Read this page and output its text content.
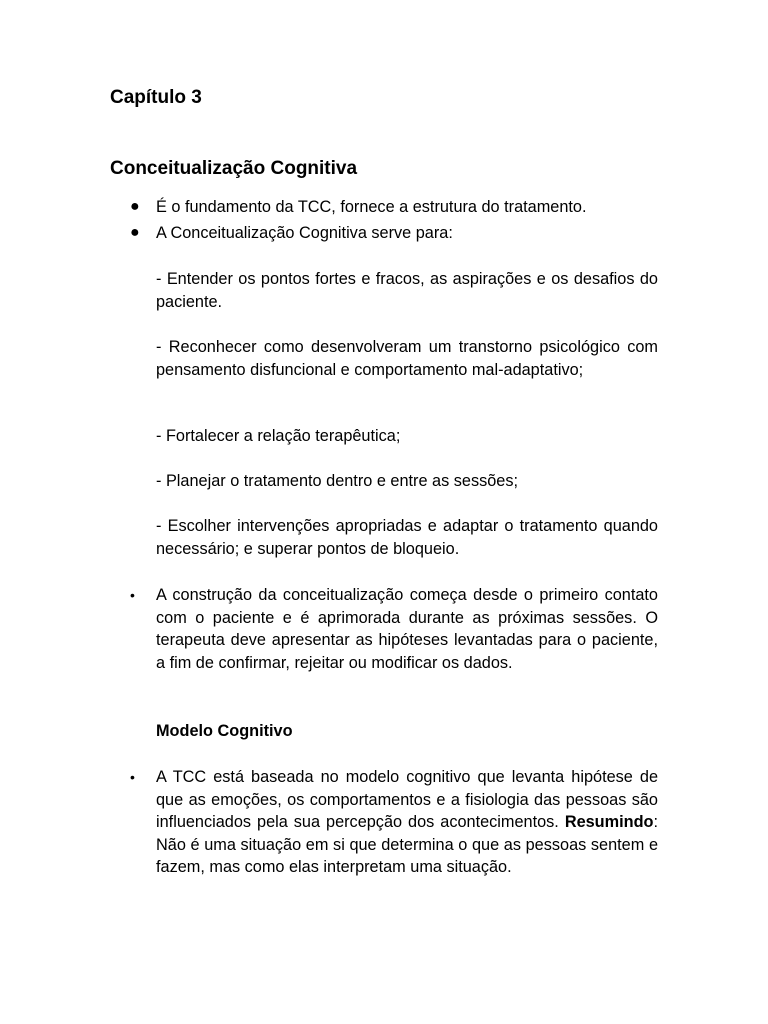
Capítulo 3
Conceitualização Cognitiva
●	É o fundamento da TCC, fornece a estrutura do tratamento.

●	A Conceitualização Cognitiva serve para:

- Entender os pontos fortes e fracos, as aspirações e os desafios do paciente.

- Reconhecer como desenvolveram um transtorno psicológico com pensamento disfuncional e comportamento mal-adaptativo;

- Fortalecer a relação terapêutica;

- Planejar o tratamento dentro e entre as sessões;

- Escolher intervenções apropriadas e adaptar o tratamento quando necessário; e superar pontos de bloqueio.

•	A construção da conceitualização começa desde o primeiro contato com o paciente e é aprimorada durante as próximas sessões. O terapeuta deve apresentar as hipóteses levantadas para o paciente, a fim de confirmar, rejeitar ou modificar os dados.

Modelo Cognitivo
•	A TCC está baseada no modelo cognitivo que levanta hipótese de que as emoções, os comportamentos e a fisiologia das pessoas são influenciados pela sua percepção dos acontecimentos. Resumindo: Não é uma situação em si que determina o que as pessoas sentem e fazem, mas como elas interpretam uma situação.
